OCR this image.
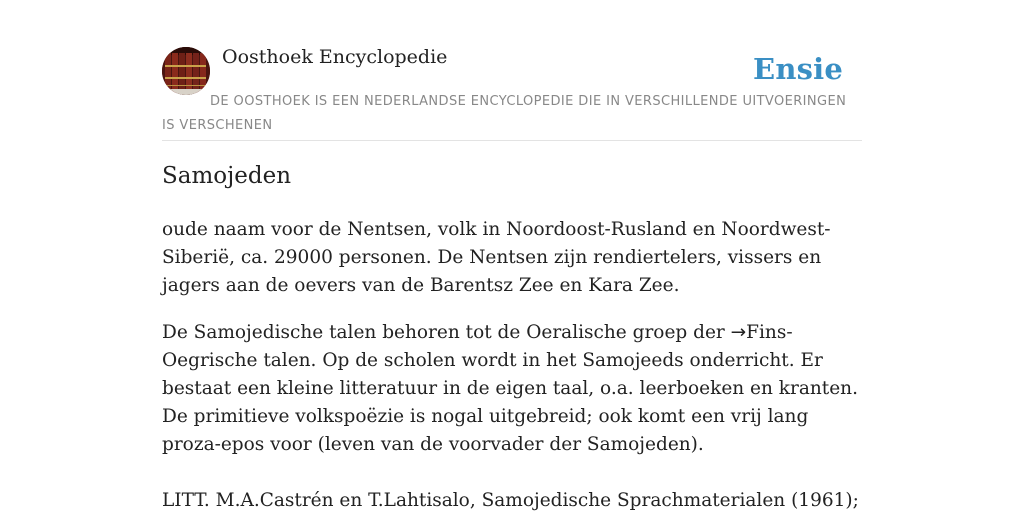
Oosthoek Encyclopedie	Ensie
DE OOSTHOEK IS EEN NEDERLANDSE ENCYCLOPEDIE DIE IN VERSCHILLENDE UITVOERINGEN IS VERSCHENEN
Samojeden

oude naam voor de Nentsen, volk in Noordoost-Rusland en Noordwest-Siberië, ca. 29000 personen. De Nentsen zijn rendiertelers, vissers en jagers aan de oevers van de Barentsz Zee en Kara Zee.

De Samojedische talen behoren tot de Oeralische groep der →Fins-Oegrische talen. Op de scholen wordt in het Samojeeds onderricht. Er bestaat een kleine litteratuur in de eigen taal, o.a. leerboeken en kranten. De primitieve volkspoëzie is nogal uitgebreid; ook komt een vrij lang proza-epos voor (leven van de voorvader der Samojeden).

LITT. M.A.Castrén en T.Lahtisalo, Samojedische Sprachmaterialen (1961);
